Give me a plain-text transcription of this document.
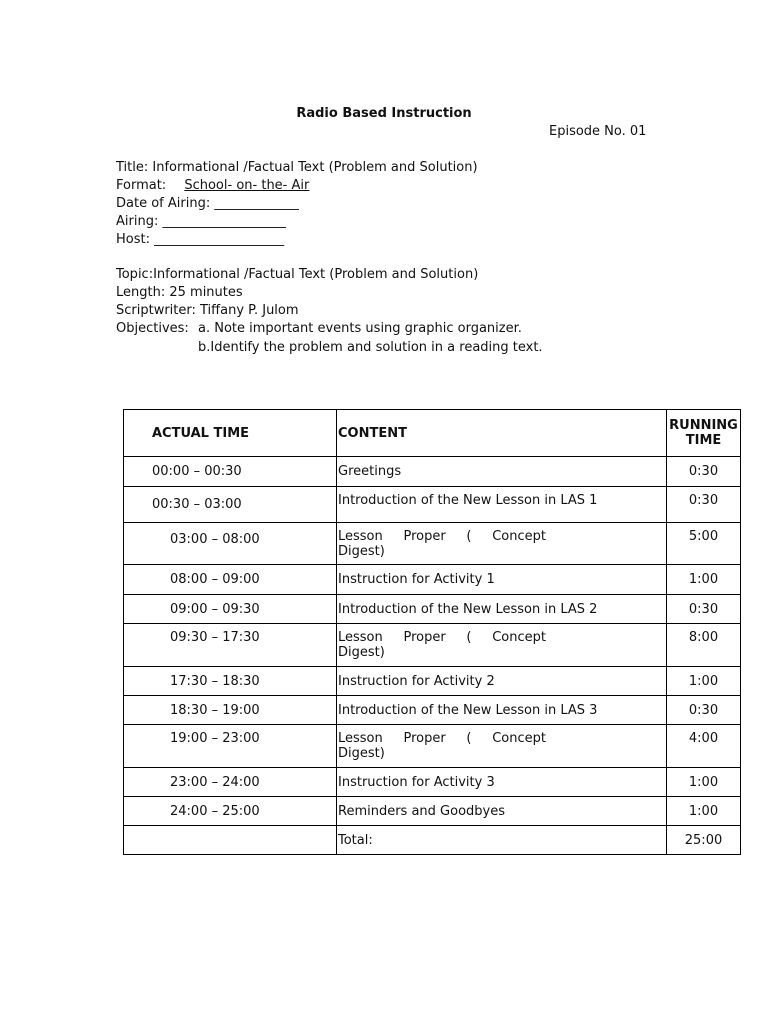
Radio Based Instruction
Episode No. 01
Title: Informational /Factual Text (Problem and Solution)
Format: School- on- the- Air
Date of Airing: _____________
Airing: ___________________
Host: ____________________
Topic:Informational /Factual Text (Problem and Solution)
Length: 25 minutes
Scriptwriter: Tiffany P. Julom
Objectives: a. Note important events using graphic organizer.
b.Identify the problem and solution in a reading text.
ACTUAL TIME	CONTENT	RUNNING
TIME

00:00 – 00:30	Greetings	0:30
00:30 – 03:00	Introduction of the New Lesson in LAS 1	0:30
03:00 – 08:00	Lesson Proper ( Concept
Digest)	5:00
08:00 – 09:00	Instruction for Activity 1	1:00
09:00 – 09:30	Introduction of the New Lesson in LAS 2	0:30
09:30 – 17:30	Lesson Proper ( Concept
Digest)	8:00
17:30 – 18:30	Instruction for Activity 2	1:00
18:30 – 19:00	Introduction of the New Lesson in LAS 3	0:30
19:00 – 23:00	Lesson Proper ( Concept
Digest)	4:00
23:00 – 24:00	Instruction for Activity 3	1:00
24:00 – 25:00	Reminders and Goodbyes	1:00
	Total:	25:00
